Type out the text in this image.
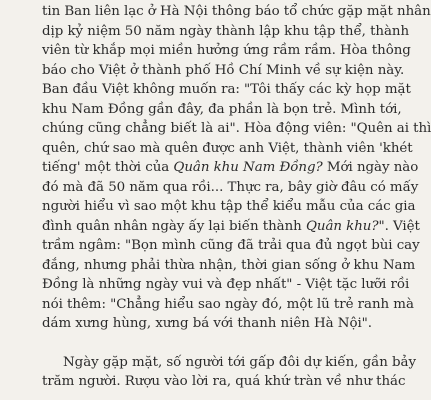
tin Ban liên lạc ở Hà Nội thông báo tổ chức gặp mặt nhân

dịp kỷ niệm 50 năm ngày thành lập khu tập thể, thành

viên từ khắp mọi miền hưởng ứng rầm rầm. Hòa thông

báo cho Việt ở thành phố Hồ Chí Minh về sự kiện này.

Ban đầu Việt không muốn ra: "Tôi thấy các kỳ họp mặt

khu Nam Đồng gần đây, đa phần là bọn trẻ. Mình tới,

chúng cũng chẳng biết là ai". Hòa động viên: "Quên ai thì

quên, chứ sao mà quên được anh Việt, thành viên 'khét

tiếng' một thời của Quân khu Nam Đồng? Mới ngày nào

đó mà đã 50 năm qua rồi... Thực ra, bây giờ đâu có mấy

người hiểu vì sao một khu tập thể kiểu mẫu của các gia

đình quân nhân ngày ấy lại biến thành Quân khu?". Việt

trầm ngâm: "Bọn mình cũng đã trải qua đủ ngọt bùi cay

đắng, nhưng phải thừa nhận, thời gian sống ở khu Nam

Đồng là những ngày vui và đẹp nhất" - Việt tặc lưỡi rồi

nói thêm: "Chẳng hiểu sao ngày đó, một lũ trẻ ranh mà

dám xưng hùng, xưng bá với thanh niên Hà Nội".

Ngày gặp mặt, số người tới gấp đôi dự kiến, gần bảy

trăm người. Rượu vào lời ra, quá khứ tràn về như thác
